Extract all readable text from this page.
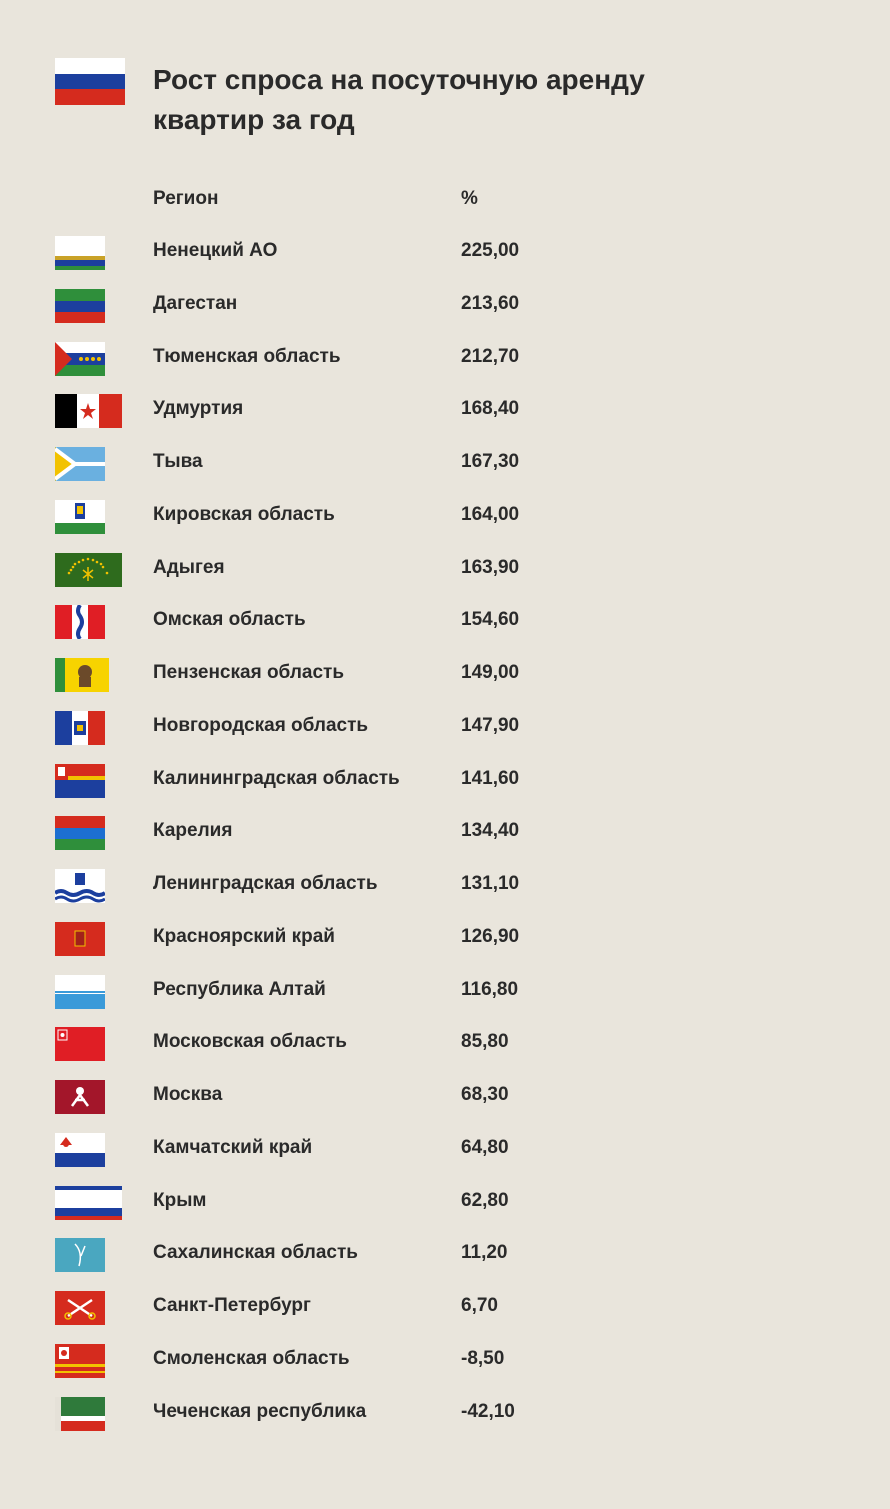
Рост спроса на посуточную аренду
квартир за год
Регион	%
Ненецкий АО	225,00
Дагестан	213,60
Тюменская область	212,70
Удмуртия	168,40
Тыва	167,30
Кировская область	164,00
Адыгея	163,90
Омская область	154,60
Пензенская область	149,00
Новгородская область	147,90
Калининградская область	141,60
Карелия	134,40
Ленинградская область	131,10
Красноярский край	126,90
Республика Алтай	116,80
Московская область	85,80
Москва	68,30
Камчатский край	64,80
Крым	62,80
Сахалинская область	11,20
Санкт-Петербург	6,70
Смоленская область	-8,50
Чеченская республика	-42,10
